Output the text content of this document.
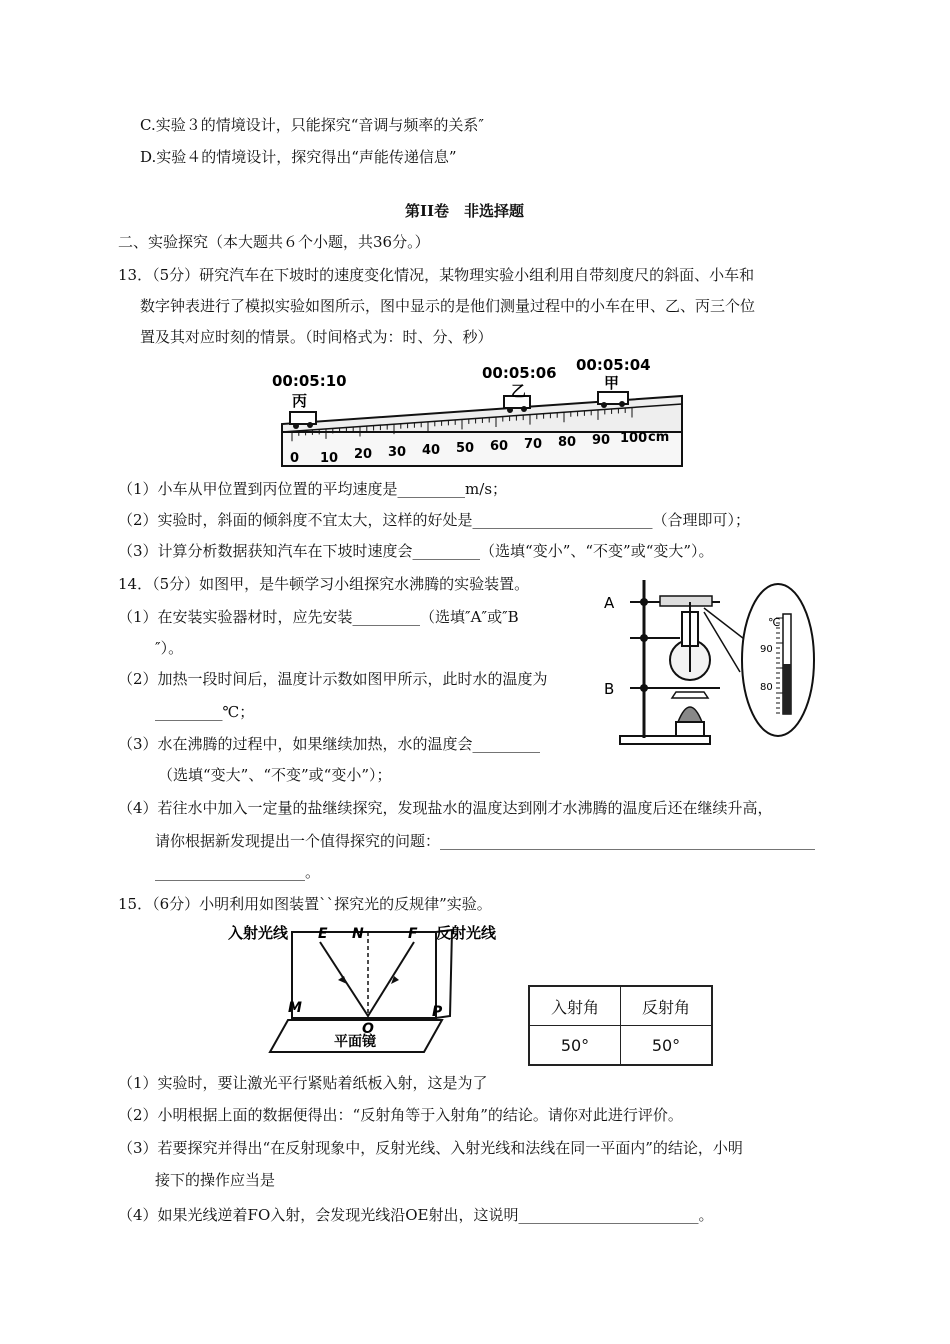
C.实验３的情境设计，只能探究“音调与频率的关系″
D.实验４的情境设计，探究得出“声能传递信息”
第II卷　非选择题
二、实验探究（本大题共６个小题，共36分。）
13．（5分）研究汽车在下坡时的速度变化情况，某物理实验小组利用自带刻度尺的斜面、小车和
数字钟表进行了模拟实验如图所示，图中显示的是他们测量过程中的小车在甲、乙、丙三个位
置及其对应时刻的情景。（时间格式为：时、分、秒）
0 10 20 30 40 50 60 70 80 90 100 cm
00:05:10
丙
00:05:06
乙
00:05:04
甲
（1）小车从甲位置到丙位置的平均速度是_________m/s；
（2）实验时，斜面的倾斜度不宜太大，这样的好处是________________________（合理即可）；
（3）计算分析数据获知汽车在下坡时速度会_________（选填“变小”、“不变”或“变大”）。
14．（5分）如图甲，是牛顿学习小组探究水沸腾的实验装置。
（1）在安装实验器材时，应先安装_________（选填″A″或″B
″）。
（2）加热一段时间后，温度计示数如图甲所示，此时水的温度为
_________℃；
（3）水在沸腾的过程中，如果继续加热，水的温度会_________
（选填“变大”、“不变”或“变小”）；
A
B
℃
90
80
（4）若往水中加入一定量的盐继续探究，发现盐水的温度达到刚才水沸腾的温度后还在继续升高，
请你根据新发现提出一个值得探究的问题：__________________________________________________
____________________。
15．（6分）小明利用如图装置``探究光的反规律”实验。
入射光线	反射光线
E N	F
M
O
P
平面镜
入射角	反射角
50°	50°
（1）实验时，要让激光平行紧贴着纸板入射，这是为了
（2）小明根据上面的数据便得出：“反射角等于入射角”的结论。请你对此进行评价。
（3）若要探究并得出“在反射现象中，反射光线、入射光线和法线在同一平面内”的结论，小明
接下的操作应当是
（4）如果光线逆着FO入射，会发现光线沿OE射出，这说明________________________。
